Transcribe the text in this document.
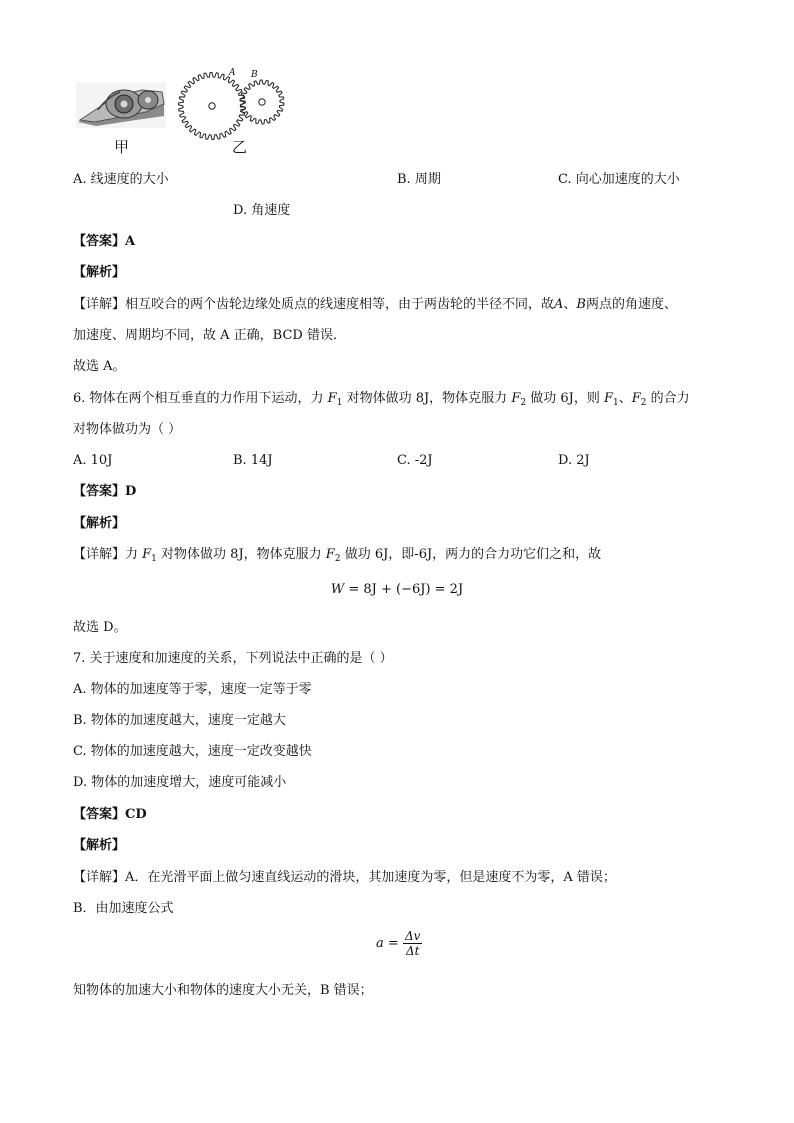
甲
A B
乙
A. 线速度的大小	B. 周期	C. 向心加速度的大小
D. 角速度
【答案】A
【解析】
【详解】相互咬合的两个齿轮边缘处质点的线速度相等，由于两齿轮的半径不同，故A、B两点的角速度、
加速度、周期均不同，故 A 正确，BCD 错误．
故选 A。
6. 物体在两个相互垂直的力作用下运动，力 $F_1$ 对物体做功 8J，物体克服力 $F_2$ 做功 6J，则 $F_1$、$F_2$ 的合力
对物体做功为（ ）
A. 10J	B. 14J	C. -2J	D. 2J
【答案】D
【解析】
【详解】力 $F_1$ 对物体做功 8J，物体克服力 $F_2$ 做功 6J，即-6J，两力的合力功它们之和，故
W = 8J + (−6J) = 2J
故选 D。
7. 关于速度和加速度的关系，下列说法中正确的是（ ）
A. 物体的加速度等于零，速度一定等于零
B. 物体的加速度越大，速度一定越大
C. 物体的加速度越大，速度一定改变越快
D. 物体的加速度增大，速度可能减小
【答案】CD
【解析】
【详解】A．在光滑平面上做匀速直线运动的滑块，其加速度为零，但是速度不为零，A 错误；
B．由加速度公式
$a = \frac{\Delta v}{\Delta t}$
知物体的加速大小和物体的速度大小无关，B 错误；
